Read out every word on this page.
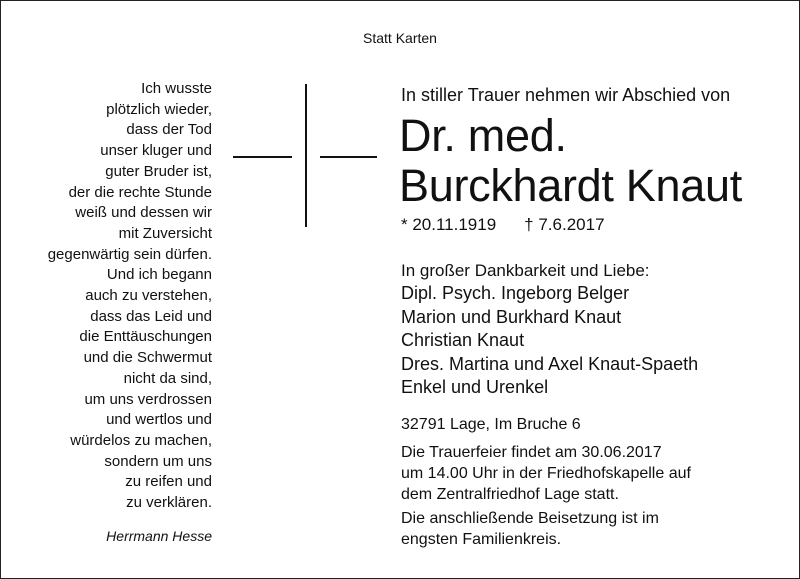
Statt Karten
Ich wusste
plötzlich wieder,
dass der Tod
unser kluger und
guter Bruder ist,
der die rechte Stunde
weiß und dessen wir
mit Zuversicht
gegenwärtig sein dürfen.
Und ich begann
auch zu verstehen,
dass das Leid und
die Enttäuschungen
und die Schwermut
nicht da sind,
um uns verdrossen
und wertlos und
würdelos zu machen,
sondern um uns
zu reifen und
zu verklären.
Herrmann Hesse
In stiller Trauer nehmen wir Abschied von
Dr. med.
Burckhardt Knaut
* 20.11.1919 † 7.6.2017
In großer Dankbarkeit und Liebe:
Dipl. Psych. Ingeborg Belger
Marion und Burkhard Knaut
Christian Knaut
Dres. Martina und Axel Knaut-Spaeth
Enkel und Urenkel
32791 Lage, Im Bruche 6
Die Trauerfeier findet am 30.06.2017
um 14.00 Uhr in der Friedhofskapelle auf
dem Zentralfriedhof Lage statt.
Die anschließende Beisetzung ist im
engsten Familienkreis.
